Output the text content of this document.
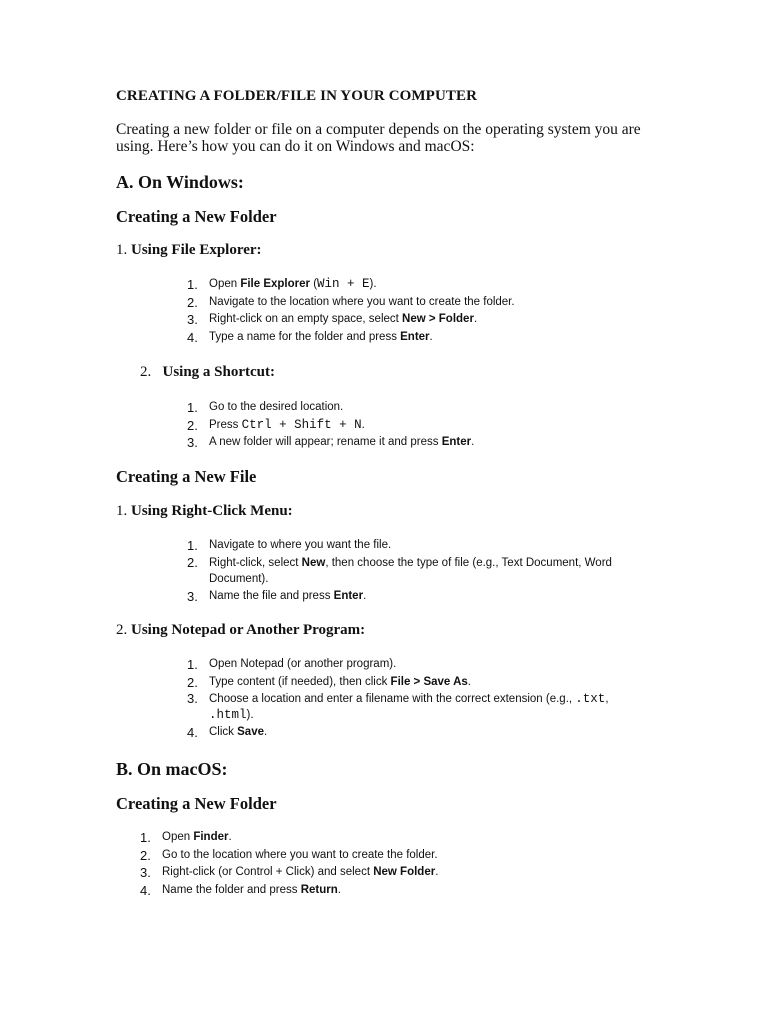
CREATING A FOLDER/FILE IN YOUR COMPUTER
Creating a new folder or file on a computer depends on the operating system you are using. Here’s how you can do it on Windows and macOS:
A. On Windows:
Creating a New Folder
1. Using File Explorer:
1. Open File Explorer (Win + E).
2. Navigate to the location where you want to create the folder.
3. Right-click on an empty space, select New > Folder.
4. Type a name for the folder and press Enter.
2. Using a Shortcut:
1. Go to the desired location.
2. Press Ctrl + Shift + N.
3. A new folder will appear; rename it and press Enter.
Creating a New File
1. Using Right-Click Menu:
1. Navigate to where you want the file.
2. Right-click, select New, then choose the type of file (e.g., Text Document, Word Document).
3. Name the file and press Enter.
2. Using Notepad or Another Program:
1. Open Notepad (or another program).
2. Type content (if needed), then click File > Save As.
3. Choose a location and enter a filename with the correct extension (e.g., .txt, .html).
4. Click Save.
B. On macOS:
Creating a New Folder
1. Open Finder.
2. Go to the location where you want to create the folder.
3. Right-click (or Control + Click) and select New Folder.
4. Name the folder and press Return.
